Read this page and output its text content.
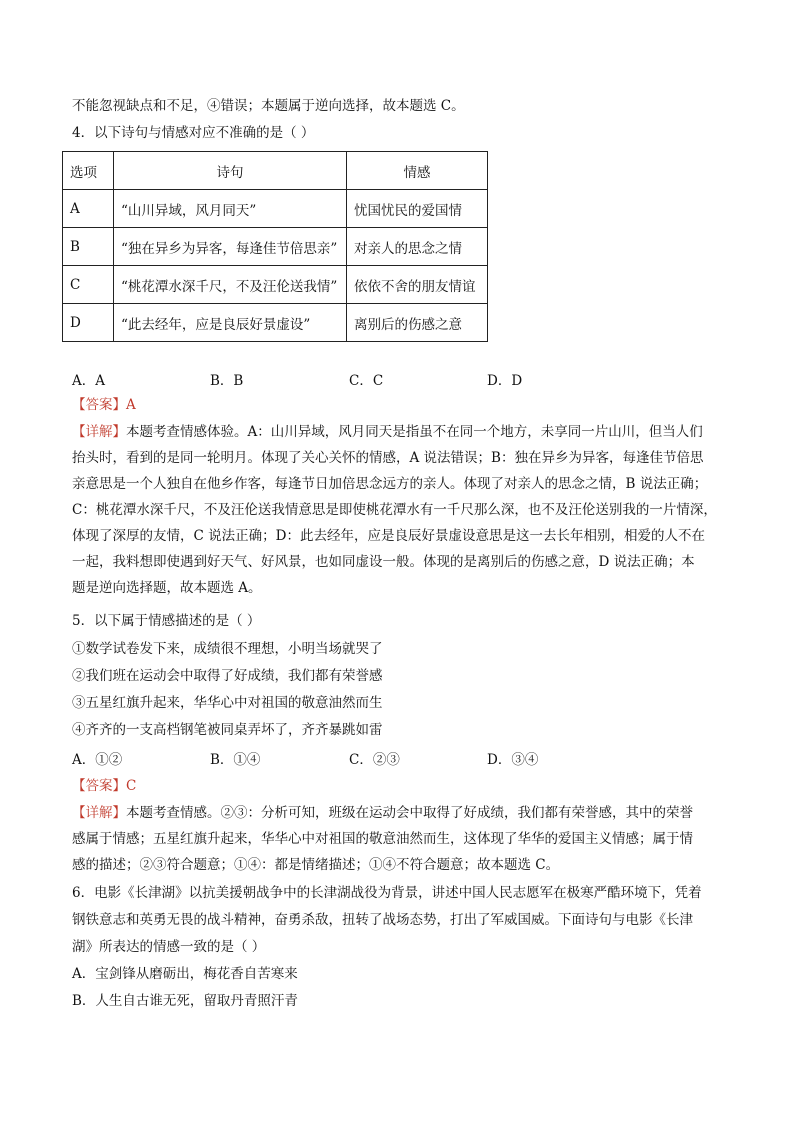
不能忽视缺点和不足，④错误；本题属于逆向选择，故本题选 C。
4．以下诗句与情感对应不准确的是（ ）
选项	诗句	情感
A	“山川异域，风月同天”	忧国忧民的爱国情
B	“独在异乡为异客，每逢佳节倍思亲”	对亲人的思念之情
C	“桃花潭水深千尺，不及汪伦送我情”	依依不舍的朋友情谊
D	“此去经年，应是良辰好景虚设”	离别后的伤感之意
A．A	B．B	C．C	D．D
【答案】A
【详解】本题考查情感体验。A：山川异域，风月同天是指虽不在同一个地方，未享同一片山川，但当人们
抬头时，看到的是同一轮明月。体现了关心关怀的情感，A 说法错误；B：独在异乡为异客，每逢佳节倍思
亲意思是一个人独自在他乡作客，每逢节日加倍思念远方的亲人。体现了对亲人的思念之情，B 说法正确；
C：桃花潭水深千尺，不及汪伦送我情意思是即使桃花潭水有一千尺那么深，也不及汪伦送别我的一片情深，
体现了深厚的友情，C 说法正确；D：此去经年，应是良辰好景虚设意思是这一去长年相别，相爱的人不在
一起，我料想即使遇到好天气、好风景，也如同虚设一般。体现的是离别后的伤感之意，D 说法正确；本
题是逆向选择题，故本题选 A。
5．以下属于情感描述的是（ ）
①数学试卷发下来，成绩很不理想，小明当场就哭了
②我们班在运动会中取得了好成绩，我们都有荣誉感
③五星红旗升起来，华华心中对祖国的敬意油然而生
④齐齐的一支高档钢笔被同桌弄坏了，齐齐暴跳如雷
A．①②	B．①④	C．②③	D．③④
【答案】C
【详解】本题考查情感。②③：分析可知，班级在运动会中取得了好成绩，我们都有荣誉感，其中的荣誉
感属于情感；五星红旗升起来，华华心中对祖国的敬意油然而生，这体现了华华的爱国主义情感；属于情
感的描述；②③符合题意；①④：都是情绪描述；①④不符合题意；故本题选 C。
6．电影《长津湖》以抗美援朝战争中的长津湖战役为背景，讲述中国人民志愿军在极寒严酷环境下，凭着
钢铁意志和英勇无畏的战斗精神，奋勇杀敌，扭转了战场态势，打出了军威国威。下面诗句与电影《长津
湖》所表达的情感一致的是（ ）
A．宝剑锋从磨砺出，梅花香自苦寒来
B．人生自古谁无死，留取丹青照汗青
